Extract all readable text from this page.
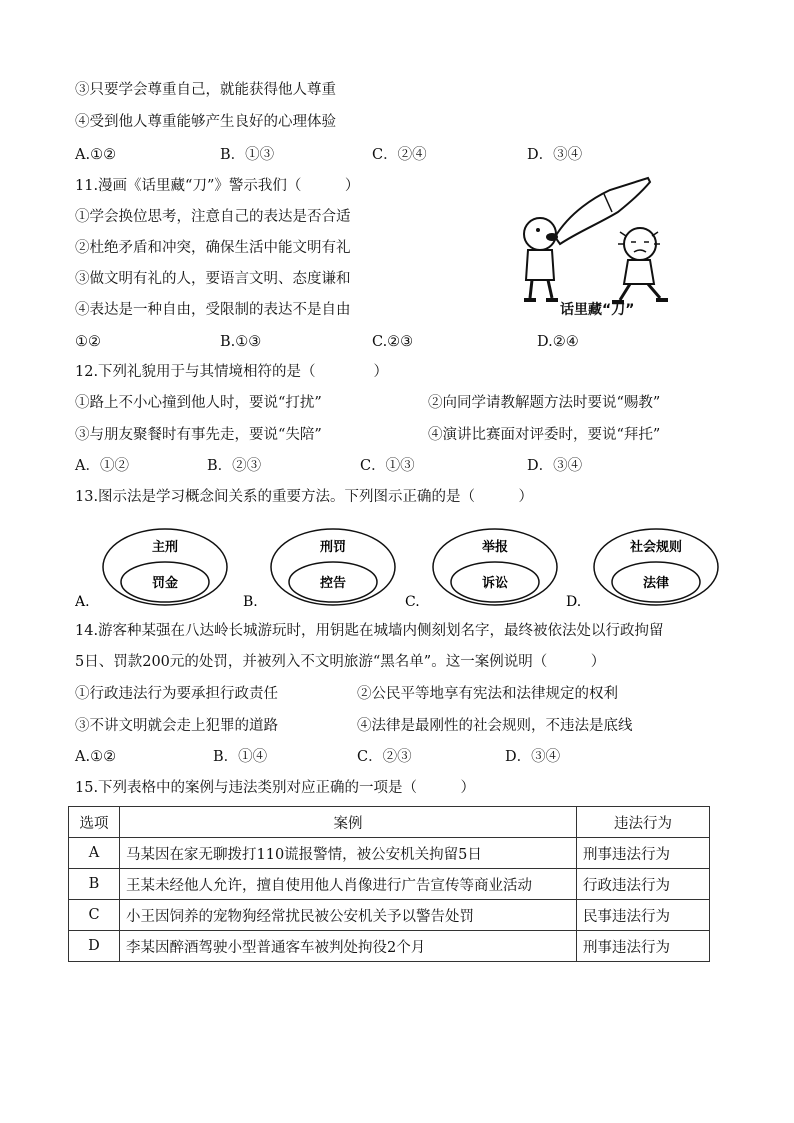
③只要学会尊重自己，就能获得他人尊重
④受到他人尊重能够产生良好的心理体验
A.①②	B．①③	C．②④	D．③④
11.漫画《话里藏“刀”》警示我们（　　　）
①学会换位思考，注意自己的表达是否合适
②杜绝矛盾和冲突，确保生活中能文明有礼
③做文明有礼的人，要语言文明、态度谦和
④表达是一种自由，受限制的表达不是自由
①②	B.①③	C.②③	D.②④
话里藏“刀”
12.下列礼貌用于与其情境相符的是（　　　　）
①路上不小心撞到他人时，要说“打扰”	②向同学请教解题方法时要说“赐教”
③与朋友聚餐时有事先走，要说“失陪”	④演讲比赛面对评委时，要说“拜托”
A．①②	B．②③	C．①③	D．③④
13.图示法是学习概念间关系的重要方法。下列图示正确的是（　　　）
主刑
罚金
A.
刑罚
控告
B.
举报
诉讼
C.
社会规则
法律
D.
14.游客种某强在八达岭长城游玩时，用钥匙在城墙内侧刻划名字，最终被依法处以行政拘留
5日、罚款200元的处罚，并被列入不文明旅游“黑名单”。这一案例说明（　　　）
①行政违法行为要承担行政责任	②公民平等地享有宪法和法律规定的权利
③不讲文明就会走上犯罪的道路	④法律是最刚性的社会规则，不违法是底线
A.①②	B．①④	C．②③	D．③④
15.下列表格中的案例与违法类别对应正确的一项是（　　　）
选项	案例	违法行为
A	马某因在家无聊拨打110谎报警情，被公安机关拘留5日	刑事违法行为
B	王某未经他人允许，擅自使用他人肖像进行广告宣传等商业活动	行政违法行为
C	小王因饲养的宠物狗经常扰民被公安机关予以警告处罚	民事违法行为
D	李某因醉酒驾驶小型普通客车被判处拘役2个月	刑事违法行为
